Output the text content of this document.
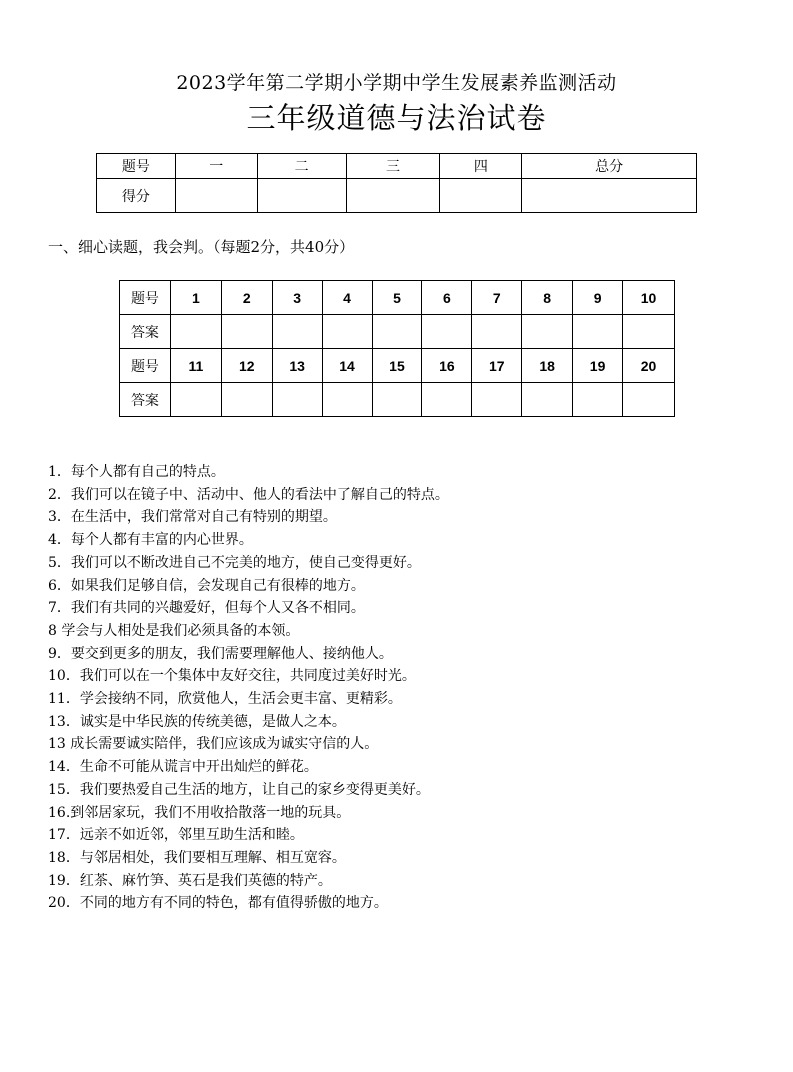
2023学年第二学期小学期中学生发展素养监测活动
三年级道德与法治试卷
题号	一	二	三	四	总分
得分					
一、细心读题，我会判。（每题2分，共40分）
题号	1	2	3	4	5	6	7	8	9	10
答案										
题号	11	12	13	14	15	16	17	18	19	20
答案										
1．每个人都有自己的特点。
2．我们可以在镜子中、活动中、他人的看法中了解自己的特点。
3．在生活中，我们常常对自己有特别的期望。
4．每个人都有丰富的内心世界。
5．我们可以不断改进自己不完美的地方，使自己变得更好。
6．如果我们足够自信，会发现自己有很棒的地方。
7．我们有共同的兴趣爱好，但每个人又各不相同。
8 学会与人相处是我们必须具备的本领。
9．要交到更多的朋友，我们需要理解他人、接纳他人。
10．我们可以在一个集体中友好交往，共同度过美好时光。
11．学会接纳不同，欣赏他人，生活会更丰富、更精彩。
13．诚实是中华民族的传统美德，是做人之本。
13 成长需要诚实陪伴，我们应该成为诚实守信的人。
14．生命不可能从谎言中开出灿烂的鲜花。
15．我们要热爱自己生活的地方，让自己的家乡变得更美好。
16.到邻居家玩，我们不用收拾散落一地的玩具。
17．远亲不如近邻，邻里互助生活和睦。
18．与邻居相处，我们要相互理解、相互宽容。
19．红茶、麻竹笋、英石是我们英德的特产。
20．不同的地方有不同的特色，都有值得骄傲的地方。
